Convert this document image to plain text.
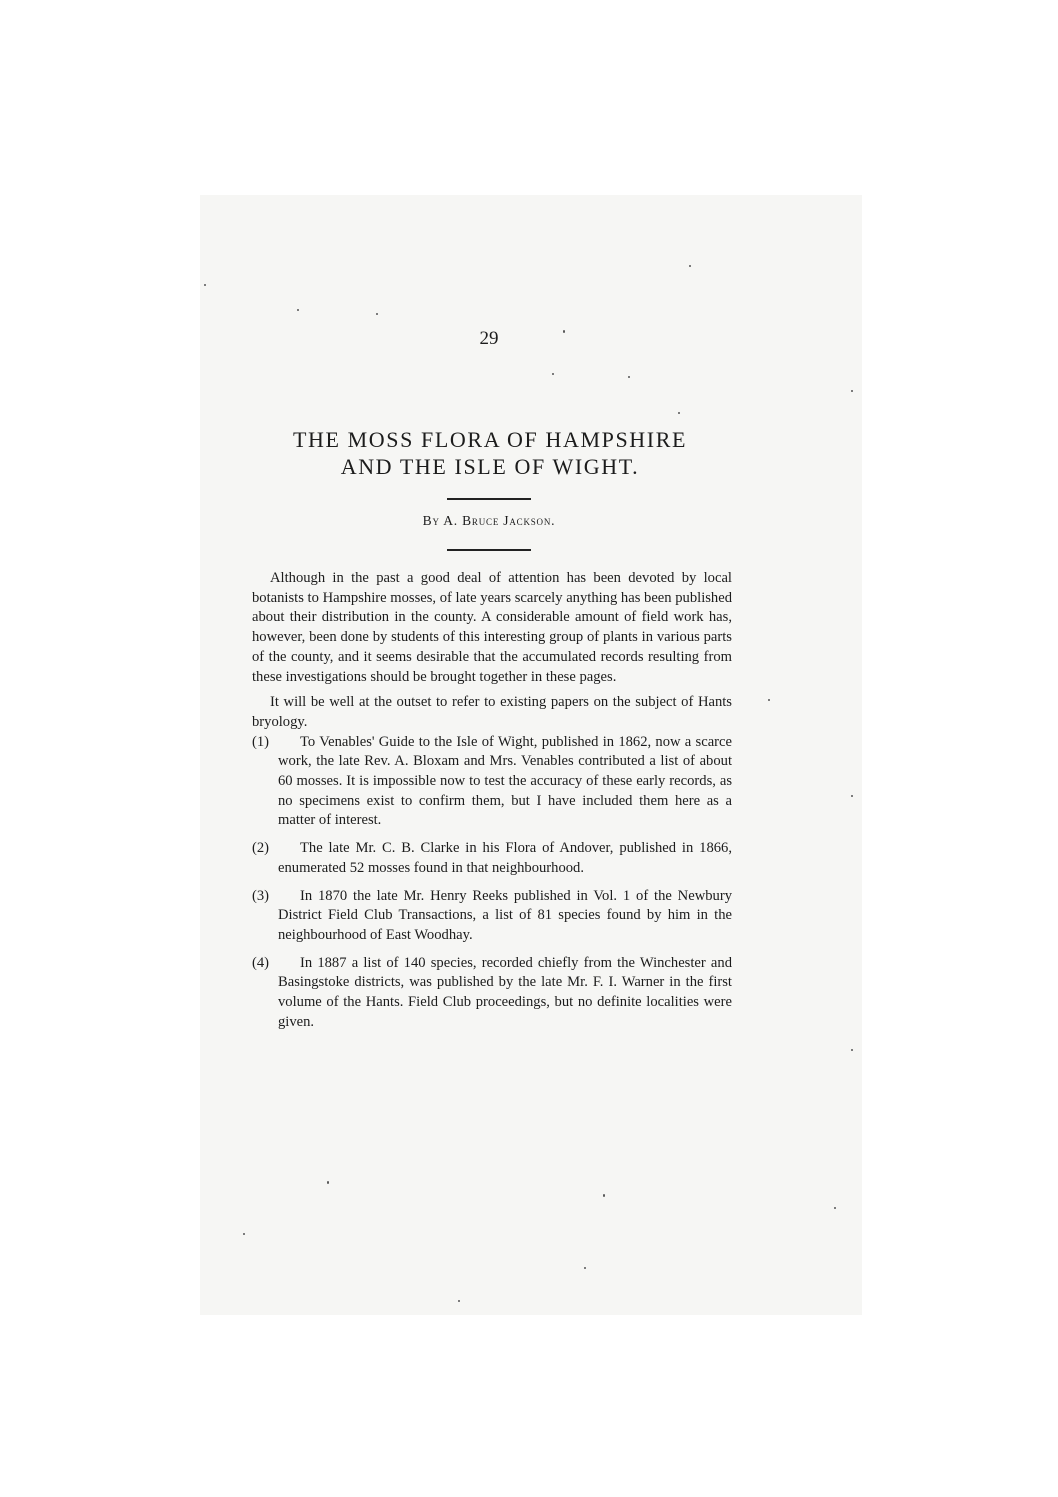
29
THE MOSS FLORA OF HAMPSHIRE
AND THE ISLE OF WIGHT.
By A. Bruce Jackson.

Although in the past a good deal of attention has been devoted by local botanists to Hampshire mosses, of late years scarcely anything has been published about their distribution in the county. A considerable amount of field work has, however, been done by students of this interesting group of plants in various parts of the county, and it seems desirable that the accumulated records resulting from these investigations should be brought together in these pages.

It will be well at the outset to refer to existing papers on the subject of Hants bryology.

(1)	To Venables' Guide to the Isle of Wight, published in 1862, now a scarce work, the late Rev. A. Bloxam and Mrs. Venables contributed a list of about 60 mosses. It is impossible now to test the accuracy of these early records, as no specimens exist to confirm them, but I have included them here as a matter of interest.
(2)	The late Mr. C. B. Clarke in his Flora of Andover, published in 1866, enumerated 52 mosses found in that neighbourhood.
(3)	In 1870 the late Mr. Henry Reeks published in Vol. 1 of the Newbury District Field Club Transactions, a list of 81 species found by him in the neighbourhood of East Woodhay.
(4)	In 1887 a list of 140 species, recorded chiefly from the Winchester and Basingstoke districts, was published by the late Mr. F. I. Warner in the first volume of the Hants. Field Club proceedings, but no definite localities were given.
